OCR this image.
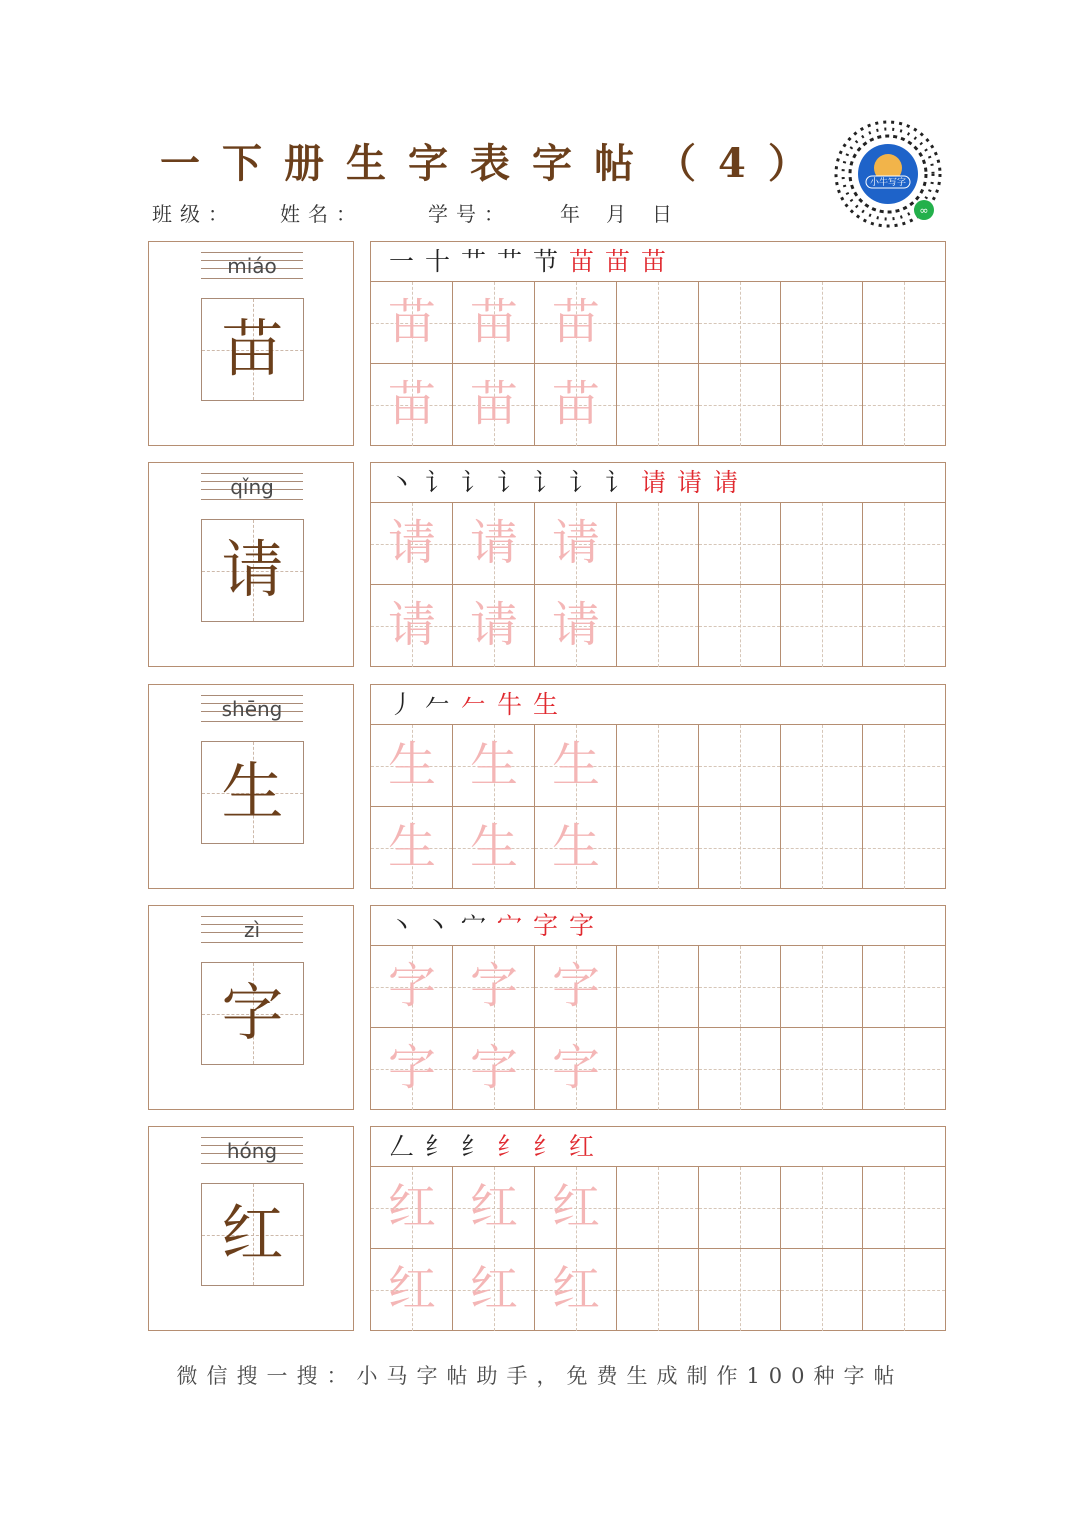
一下册生字表字帖（4）
班级： 姓名：	学号： 年 月 日
小牛写字
∞
miáo
苗
一 十 艹 艹 节 苗 苗 苗
苗 苗 苗
苗 苗 苗
qǐng
请
丶 讠 讠 讠 讠 讠 讠 请 请 请
请 请 请
请 请 请
shēng
生
丿 𠂉 𠂉 牛 生
生 生 生
生 生 生
zì
字
丶 丶 宀 宀 字 字
字 字 字
字 字 字
hóng
红
𠃋 纟 纟 纟 纟 红
红 红 红
红 红 红
微信搜一搜：小马字帖助手，免费生成制作100种字帖
